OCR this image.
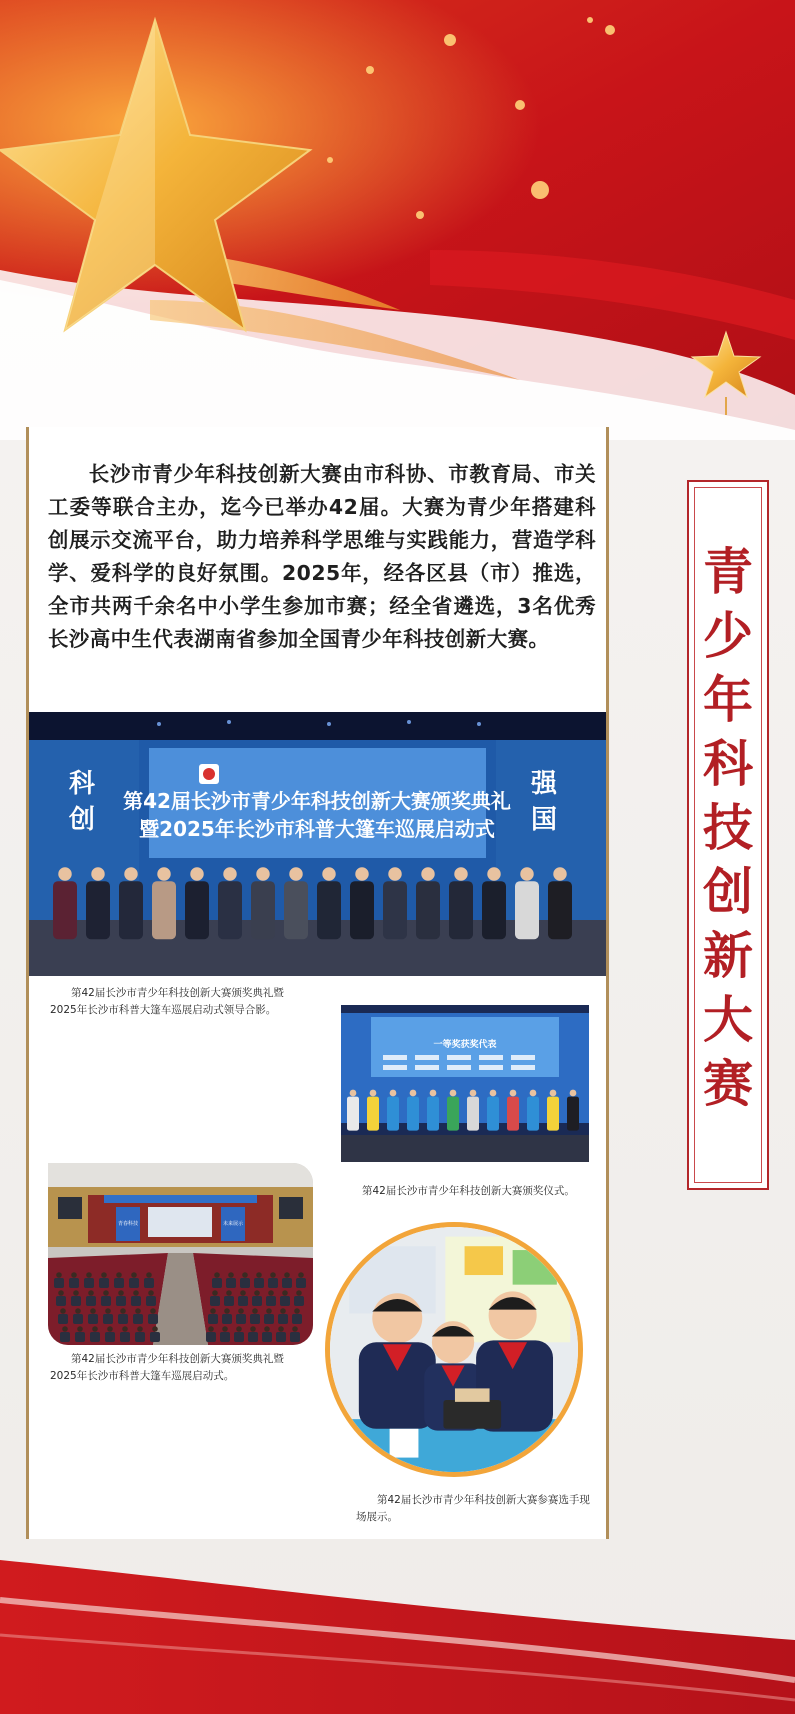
长沙市青少年科技创新大赛由市科协、市教育局、市关工委等联合主办，迄今已举办42届。大赛为青少年搭建科创展示交流平台，助力培养科学思维与实践能力，营造学科学、爱科学的良好氛围。2025年，经各区县（市）推选，全市共两千余名中小学生参加市赛；经全省遴选，3名优秀长沙高中生代表湖南省参加全国青少年科技创新大赛。

青
少
年
科
技
创
新
大
赛
第42届长沙市青少年科技创新大赛颁奖典礼
暨2025年长沙市科普大篷车巡展启动式
科
创
强
国

第42届长沙市青少年科技创新大赛颁奖典礼暨2025年长沙市科普大篷车巡展启动式领导合影。

一等奖获奖代表

第42届长沙市青少年科技创新大赛颁奖仪式。

青春科技	未来展示

第42届长沙市青少年科技创新大赛颁奖典礼暨2025年长沙市科普大篷车巡展启动式。

第42届长沙市青少年科技创新大赛参赛选手现场展示。
